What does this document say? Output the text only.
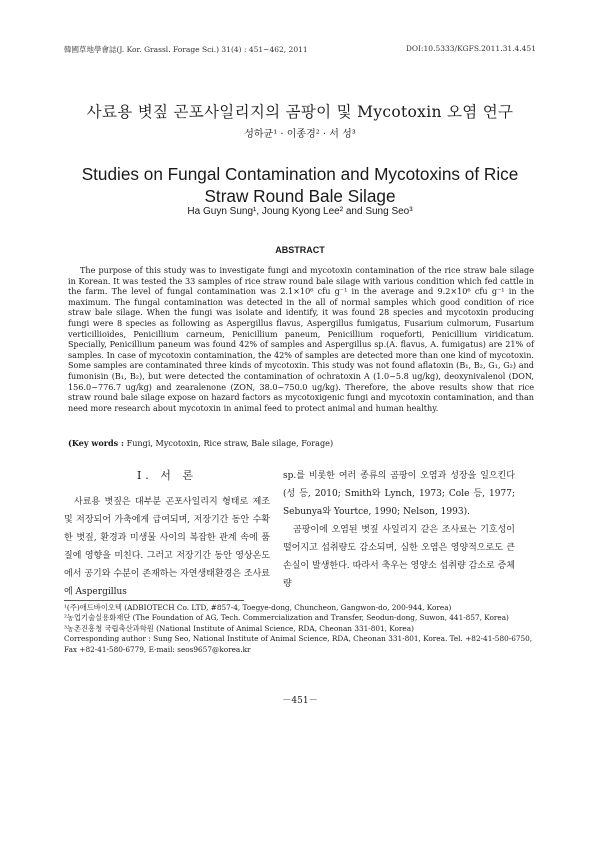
韓國草地學會誌(J. Kor. Grassl. Forage Sci.) 31(4) : 451~462, 2011	DOI:10.5333/KGFS.2011.31.4.451
사료용 볏짚 곤포사일리지의 곰팡이 및 Mycotoxin 오염 연구
성하균¹ · 이종경² · 서 성³
Studies on Fungal Contamination and Mycotoxins of Rice Straw Round Bale Silage
Ha Guyn Sung¹, Joung Kyong Lee² and Sung Seo³
ABSTRACT

The purpose of this study was to investigate fungi and mycotoxin contamination of the rice straw bale silage in Korean. It was tested the 33 samples of rice straw round bale silage with various condition which fed cattle in the farm. The level of fungal contamination was 2.1×10⁶ cfu g⁻¹ in the average and 9.2×10⁶ cfu g⁻¹ in the maximum. The fungal contamination was detected in the all of normal samples which good condition of rice straw bale silage. When the fungi was isolate and identify, it was found 28 species and mycotoxin producing fungi were 8 species as following as Aspergillus flavus, Aspergillus fumigatus, Fusarium culmorum, Fusarium verticillioides, Penicillium carneum, Penicillium paneum, Penicillium roqueforti, Penicillium viridicatum. Specially, Penicillium paneum was found 42% of samples and Aspergillus sp.(A. flavus, A. fumigatus) are 21% of samples. In case of mycotoxin contamination, the 42% of samples are detected more than one kind of mycotoxin. Some samples are contaminated three kinds of mycotoxin. This study was not found aflatoxin (B₁, B₂, G₁, G₂) and fumonisin (B₁, B₂), but were detected the contamination of ochratoxin A (1.0~5.8 ug/kg), deoxynivalenol (DON, 156.0~776.7 ug/kg) and zearalenone (ZON, 38.0~750.0 ug/kg). Therefore, the above results show that rice straw round bale silage expose on hazard factors as mycotoxigenic fungi and mycotoxin contamination, and than need more research about mycotoxin in animal feed to protect animal and human healthy.

(Key words : Fungi, Mycotoxin, Rice straw, Bale silage, Forage)
Ⅰ. 서 론

사료용 볏짚은 대부분 곤포사일리지 형태로 제조 및 저장되어 가축에게 급여되며, 저장기간 동안 수확한 볏짚, 환경과 미생물 사이의 복잡한 관계 속에 품질에 영향을 미친다. 그러고 저장기간 동안 영상온도에서 공기와 수분이 존재하는 자연생태환경은 조사료에 Aspergillus

sp.를 비롯한 여러 종류의 곰팡이 오염과 성장을 일으킨다(성 등, 2010; Smith와 Lynch, 1973; Cole 등, 1977; Sebunya와 Yourtce, 1990; Nelson, 1993).

곰팡이에 오염된 볏짚 사일리지 같은 조사료는 기호성이 떨어지고 섭취량도 감소되며, 심한 오염은 영양적으로도 큰 손실이 발생한다. 따라서 축우는 영양소 섭취량 감소로 증체량

¹(주)애드바이오텍 (ADBIOTECH Co. LTD, #857-4, Toegye-dong, Chuncheon, Gangwon-do, 200-944, Korea)
²농업기술실용화재단 (The Foundation of AG, Tech. Commercialization and Transfer, Seodun-dong, Suwon, 441-857, Korea)
³농촌진흥청 국립축산과학원 (National Institute of Animal Science, RDA, Cheonan 331-801, Korea)
Corresponding author : Sung Seo, National Institute of Animal Science, RDA, Cheonan 331-801, Korea. Tel. +82-41-580-6750, Fax +82-41-580-6779, E-mail: seos9657@korea.kr
－451－
